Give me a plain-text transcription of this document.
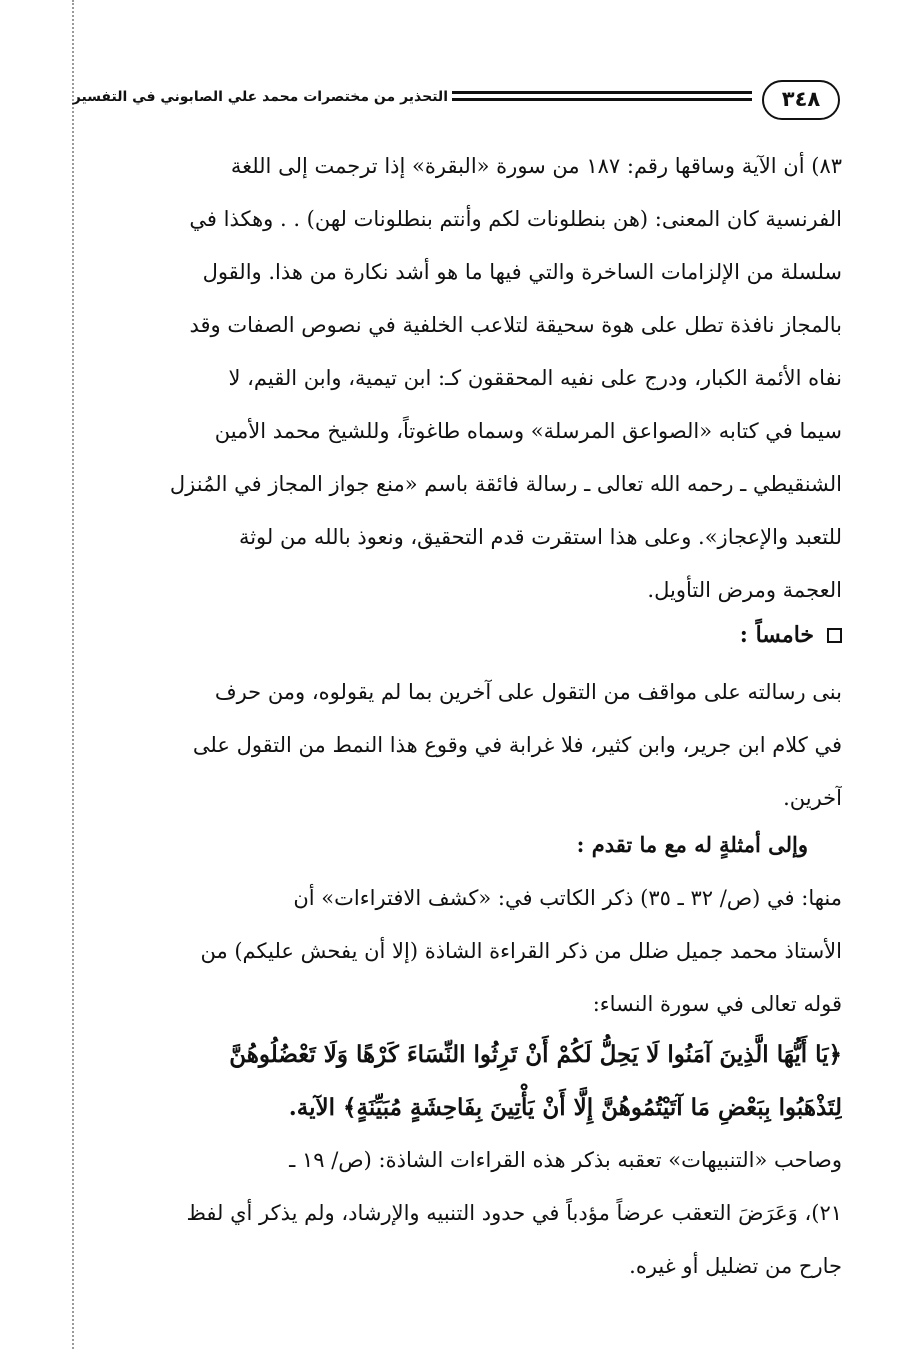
٣٤٨
التحذير من مختصرات محمد علي الصابوني في التفسير
٨٣) أن الآية وساقها رقم: ١٨٧ من سورة «البقرة» إذا ترجمت إلى اللغة
الفرنسية كان المعنى: (هن بنطلونات لكم وأنتم بنطلونات لهن) . . وهكذا في
سلسلة من الإلزامات الساخرة والتي فيها ما هو أشد نكارة من هذا. والقول
بالمجاز نافذة تطل على هوة سحيقة لتلاعب الخلفية في نصوص الصفات وقد
نفاه الأئمة الكبار، ودرج على نفيه المحققون كـ: ابن تيمية، وابن القيم، لا
سيما في كتابه «الصواعق المرسلة» وسماه طاغوتاً، وللشيخ محمد الأمين
الشنقيطي ـ رحمه الله تعالى ـ رسالة فائقة باسم «منع جواز المجاز في المُنزل
للتعبد والإعجاز». وعلى هذا استقرت قدم التحقيق، ونعوذ بالله من لوثة
العجمة ومرض التأويل.
خامساً :
بنى رسالته على مواقف من التقول على آخرين بما لم يقولوه، ومن حرف
في كلام ابن جرير، وابن كثير، فلا غرابة في وقوع هذا النمط من التقول على
آخرين.
وإلى أمثلةٍ له مع ما تقدم :
منها: في (ص/ ٣٢ ـ ٣٥) ذكر الكاتب في: «كشف الافتراءات» أن
الأستاذ محمد جميل ضلل من ذكر القراءة الشاذة (إلا أن يفحش عليكم) من
قوله تعالى في سورة النساء:
﴿يَا أَيُّهَا الَّذِينَ آمَنُوا لَا يَحِلُّ لَكُمْ أَنْ تَرِثُوا النِّسَاءَ كَرْهًا وَلَا تَعْضُلُوهُنَّ
لِتَذْهَبُوا بِبَعْضِ مَا آتَيْتُمُوهُنَّ إِلَّا أَنْ يَأْتِينَ بِفَاحِشَةٍ مُبَيِّنَةٍ﴾ الآية.
وصاحب «التنبيهات» تعقبه بذكر هذه القراءات الشاذة: (ص/ ١٩ ـ
٢١)، وَعَرَضَ التعقب عرضاً مؤدباً في حدود التنبيه والإرشاد، ولم يذكر أي لفظ
جارح من تضليل أو غيره.
